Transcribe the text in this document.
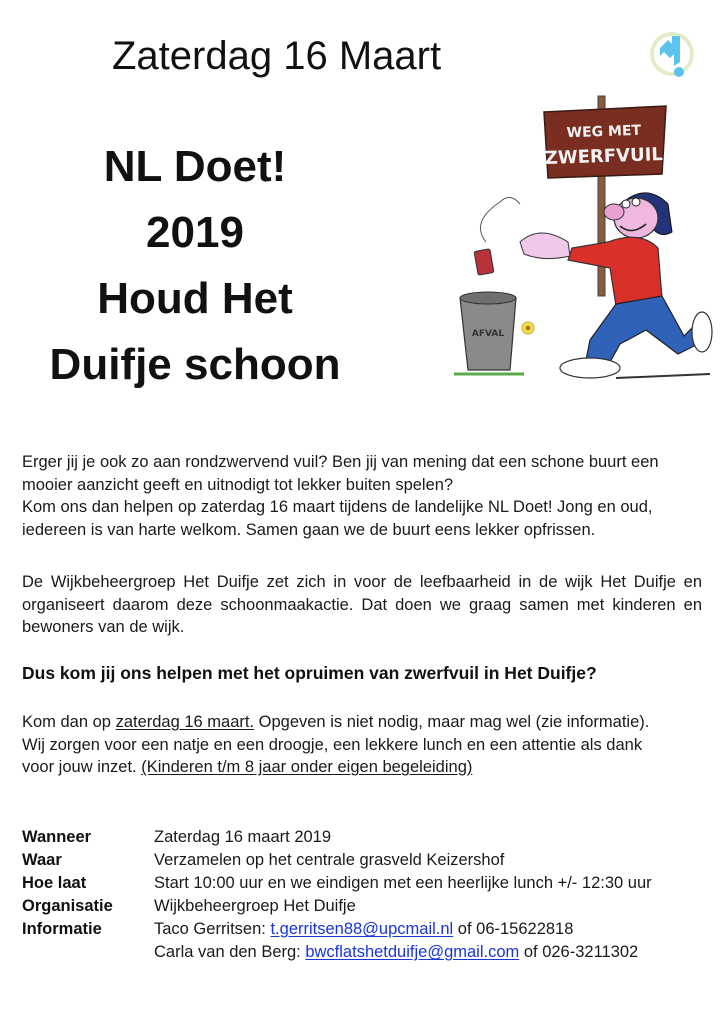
Zaterdag 16 Maart
NL Doet!
2019
Houd Het
Duifje schoon
WEG MET
ZWERFVUIL
AFVAL

Erger jij je ook zo aan rondzwervend vuil? Ben jij van mening dat een schone buurt een

mooier aanzicht geeft en uitnodigt tot lekker buiten spelen?

Kom ons dan helpen op zaterdag 16 maart tijdens de landelijke NL Doet! Jong en oud,

iedereen is van harte welkom. Samen gaan we de buurt eens lekker opfrissen.

De Wijkbeheergroep Het Duifje zet zich in voor de leefbaarheid in de wijk Het Duifje en organiseert daarom deze schoonmaakactie. Dat doen we graag samen met kinderen en bewoners van de wijk.

Dus kom jij ons helpen met het opruimen van zwerfvuil in Het Duifje?

Kom dan op zaterdag 16 maart. Opgeven is niet nodig, maar mag wel (zie informatie).

Wij zorgen voor een natje en een droogje, een lekkere lunch en een attentie als dank

voor jouw inzet. (Kinderen t/m 8 jaar onder eigen begeleiding)

Wanneer	Zaterdag 16 maart 2019
Waar	Verzamelen op het centrale grasveld Keizershof
Hoe laat	Start 10:00 uur en we eindigen met een heerlijke lunch +/- 12:30 uur
Organisatie	Wijkbeheergroep Het Duifje
Informatie	Taco Gerritsen: t.gerritsen88@upcmail.nl of 06-15622818
Carla van den Berg: bwcflatshetduifje@gmail.com of 026-3211302
